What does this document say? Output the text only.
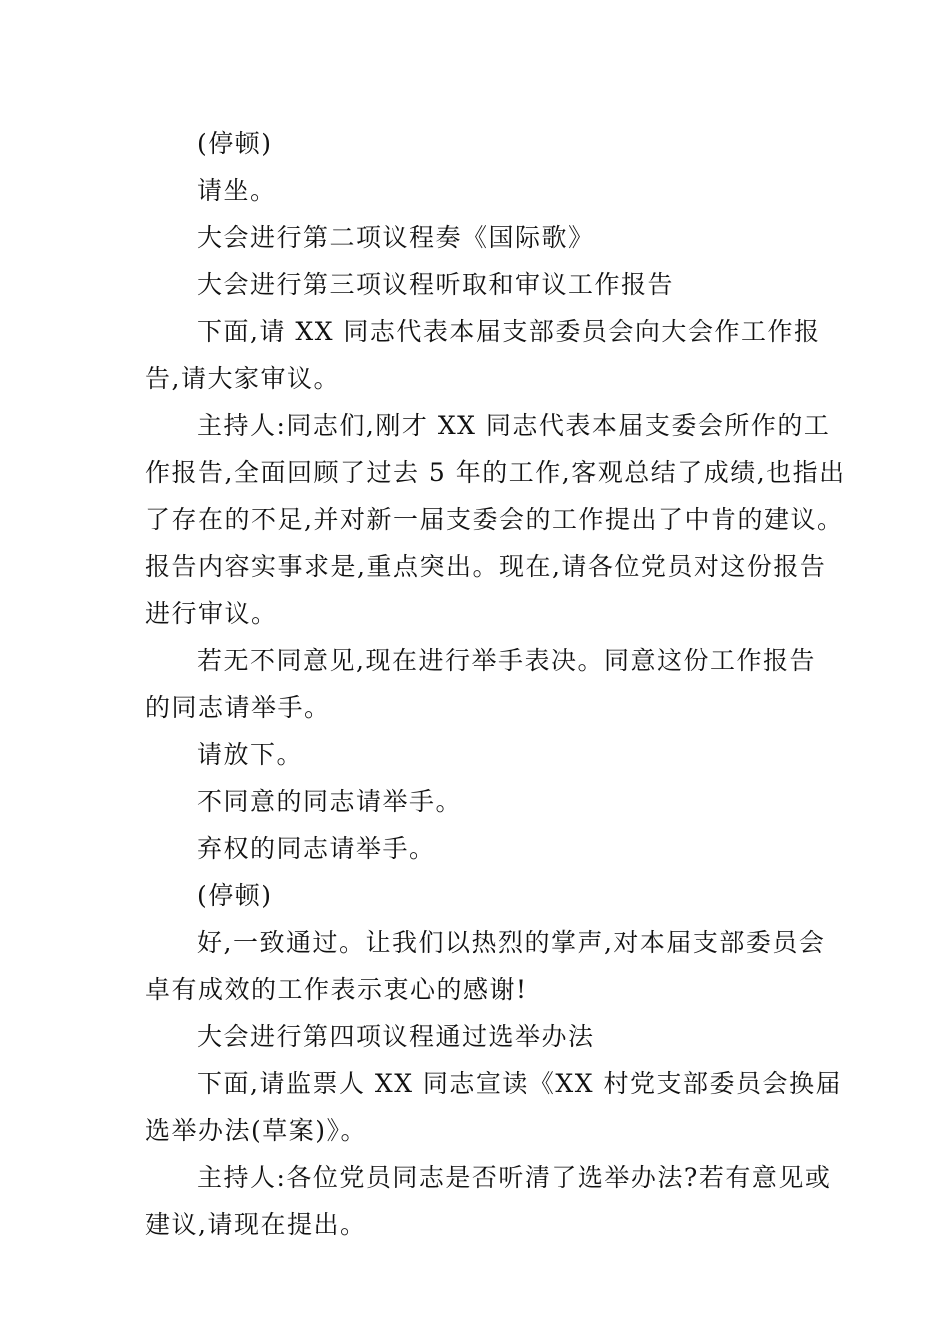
(停顿)

请坐。

大会进行第二项议程奏《国际歌》

大会进行第三项议程听取和审议工作报告

下面,请 XX 同志代表本届支部委员会向大会作工作报
告,请大家审议。

主持人:同志们,刚才 XX 同志代表本届支委会所作的工
作报告,全面回顾了过去 5 年的工作,客观总结了成绩,也指出
了存在的不足,并对新一届支委会的工作提出了中肯的建议。
报告内容实事求是,重点突出。现在,请各位党员对这份报告
进行审议。

若无不同意见,现在进行举手表决。同意这份工作报告
的同志请举手。

请放下。

不同意的同志请举手。

弃权的同志请举手。

(停顿)

好,一致通过。让我们以热烈的掌声,对本届支部委员会
卓有成效的工作表示衷心的感谢!

大会进行第四项议程通过选举办法

下面,请监票人 XX 同志宣读《XX 村党支部委员会换届
选举办法(草案)》。

主持人:各位党员同志是否听清了选举办法?若有意见或
建议,请现在提出。
